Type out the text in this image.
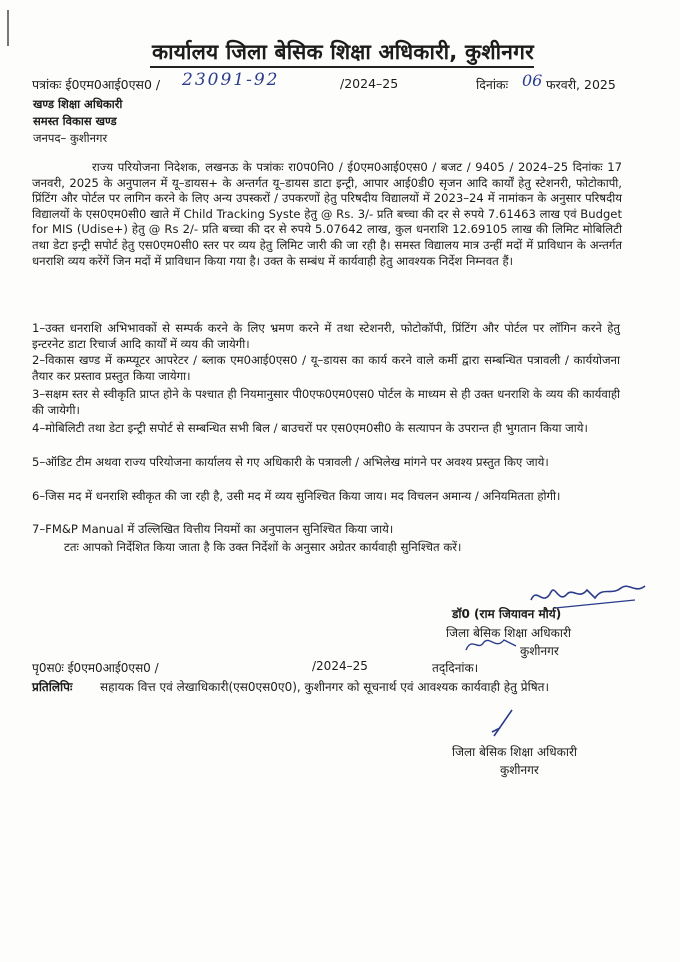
कार्यालय जिला बेसिक शिक्षा अधिकारी, कुशीनगर
पत्रांकः ई0एम0आई0एस0 / 23091-92	/2024–25	दिनांकः 06 फरवरी, 2025
खण्ड शिक्षा अधिकारी
समस्त विकास खण्ड
जनपद– कुशीनगर

राज्य परियोजना निदेशक, लखनऊ के पत्रांकः रा0प0नि0 / ई0एम0आई0एस0 / बजट / 9405 / 2024–25 दिनांकः 17 जनवरी, 2025 के अनुपालन में यू–डायस+ के अन्तर्गत यू–डायस डाटा इन्ट्री, आपार आई0डी0 सृजन आदि कार्यों हेतु स्टेशनरी, फोटोकापी, प्रिंटिंग और पोर्टल पर लागिन करने के लिए अन्य उपस्करों / उपकरणों हेतु परिषदीय विद्यालयों में 2023–24 में नामांकन के अनुसार परिषदीय विद्यालयों के एस0एम0सी0 खाते में Child Tracking Syste हेतु @ Rs. 3/- प्रति बच्चा की दर से रुपये 7.61463 लाख एवं Budget for MIS (Udise+) हेतु @ Rs 2/- प्रति बच्चा की दर से रुपये 5.07642 लाख, कुल धनराशि 12.69105 लाख की लिमिट मोबिलिटी तथा डेटा इन्ट्री सपोर्ट हेतु एस0एम0सी0 स्तर पर व्यय हेतु लिमिट जारी की जा रही है। समस्त विद्यालय मात्र उन्हीं मदों में प्राविधान के अन्तर्गत धनराशि व्यय करेंगें जिन मदों में प्राविधान किया गया है। उक्त के सम्बंध में कार्यवाही हेतु आवश्यक निर्देश निम्नवत हैं।

1–उक्त धनराशि अभिभावकों से सम्पर्क करने के लिए भ्रमण करने में तथा स्टेशनरी, फोटोकॉपी, प्रिंटिंग और पोर्टल पर लॉगिन करने हेतु इन्टरनेट डाटा रिचार्ज आदि कार्यों में व्यय की जायेगी।
2–विकास खण्ड में कम्प्यूटर आपरेटर / ब्लाक एम0आई0एस0 / यू–डायस का कार्य करने वाले कर्मी द्वारा सम्बन्धित पत्रावली / कार्ययोजना तैयार कर प्रस्ताव प्रस्तुत किया जायेगा।
3–सक्षम स्तर से स्वीकृति प्राप्त होने के पश्चात ही नियमानुसार पी0एफ0एम0एस0 पोर्टल के माध्यम से ही उक्त धनराशि के व्यय की कार्यवाही की जायेगी।
4–मोबिलिटी तथा डेटा इन्ट्री सपोर्ट से सम्बन्धित सभी बिल / बाउचरों पर एस0एम0सी0 के सत्यापन के उपरान्त ही भुगतान किया जाये।
5–ऑडिट टीम अथवा राज्य परियोजना कार्यालय से गए अधिकारी के पत्रावली / अभिलेख मांगने पर अवश्य प्रस्तुत किए जाये।
6–जिस मद में धनराशि स्वीकृत की जा रही है, उसी मद में व्यय सुनिश्चित किया जाय। मद विचलन अमान्य / अनियमितता होगी।
7–FM&P Manual में उल्लिखित वित्तीय नियमों का अनुपालन सुनिश्चित किया जाये।
टतः आपको निर्देशित किया जाता है कि उक्त निर्देशों के अनुसार अग्रेतर कार्यवाही सुनिश्चित करें।
डॉ0 (राम जियावन मौर्य)
जिला बेसिक शिक्षा अधिकारी
कुशीनगर
पृ0स0ः ई0एम0आई0एस0 /	/2024–25	तद्‌दिनांक।
प्रतिलिपिः सहायक वित्त एवं लेखाधिकारी(एस0एस0ए0), कुशीनगर को सूचनार्थ एवं आवश्यक कार्यवाही हेतु प्रेषित।
जिला बेसिक शिक्षा अधिकारी
कुशीनगर
